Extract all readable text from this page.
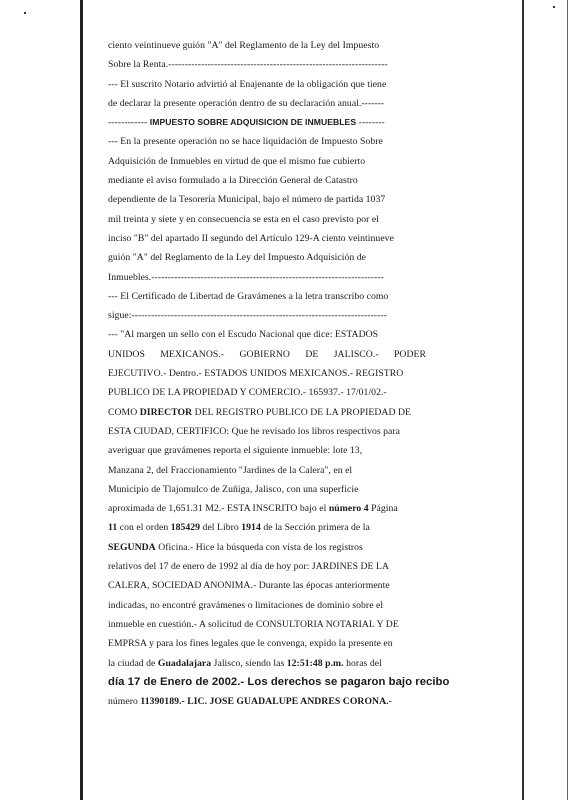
ciento veintinueve guión "A" del Reglamento de la Ley del Impuesto
Sobre la Renta.-------------------------------------------------------------------
--- El suscrito Notario advirtió al Enajenante de la obligación que tiene
de declarar la presente operación dentro de su declaración anual.-------
------------ IMPUESTO SOBRE ADQUISICION DE INMUEBLES --------
--- En la presente operación no se hace liquidación de Impuesto Sobre
Adquisición de Inmuebles en virtud de que el mismo fue cubierto
mediante el aviso formulado a la Dirección General de Catastro
dependiente de la Tesorería Municipal, bajo el número de partida 1037
mil treinta y siete y en consecuencia se esta en el caso previsto por el
inciso "B" del apartado II segundo del Artículo 129-A ciento veintinueve
guión "A" del Reglamento de la Ley del Impuesto Adquisición de
Inmuebles.-----------------------------------------------------------------------
--- El Certificado de Libertad de Gravámenes a la letra transcribo como
sigue:------------------------------------------------------------------------------
--- "Al margen un sello con el Escudo Nacional que dice: ESTADOS
UNIDOS MEXICANOS.- GOBIERNO DE JALISCO.- PODER
EJECUTIVO.- Dentro.- ESTADOS UNIDOS MEXICANOS.- REGISTRO
PUBLICO DE LA PROPIEDAD Y COMERCIO.- 165937.- 17/01/02.-
COMO DIRECTOR DEL REGISTRO PUBLICO DE LA PROPIEDAD DE
ESTA CIUDAD, CERTIFICO: Que he revisado los libros respectivos para
averiguar que gravámenes reporta el siguiente inmueble: lote 13,
Manzana 2, del Fraccionamiento "Jardines de la Calera", en el
Municipio de Tlajomulco de Zuñiga, Jalisco, con una superficie
aproximada de 1,651.31 M2.- ESTA INSCRITO bajo el número 4 Página
11 con el orden 185429 del Libro 1914 de la Sección primera de la
SEGUNDA Oficina.- Hice la búsqueda con vista de los registros
relativos del 17 de enero de 1992 al día de hoy por: JARDINES DE LA
CALERA, SOCIEDAD ANONIMA.- Durante las épocas anteriormente
indicadas, no encontré gravámenes o limitaciones de dominio sobre el
inmueble en cuestión.- A solicitud de CONSULTORIA NOTARIAL Y DE
EMPRSA y para los fines legales que le convenga, expido la presente en
la ciudad de Guadalajara Jalisco, siendo las 12:51:48 p.m. horas del
día 17 de Enero de 2002.- Los derechos se pagaron bajo recibo
número 11390189.- LIC. JOSE GUADALUPE ANDRES CORONA.-
